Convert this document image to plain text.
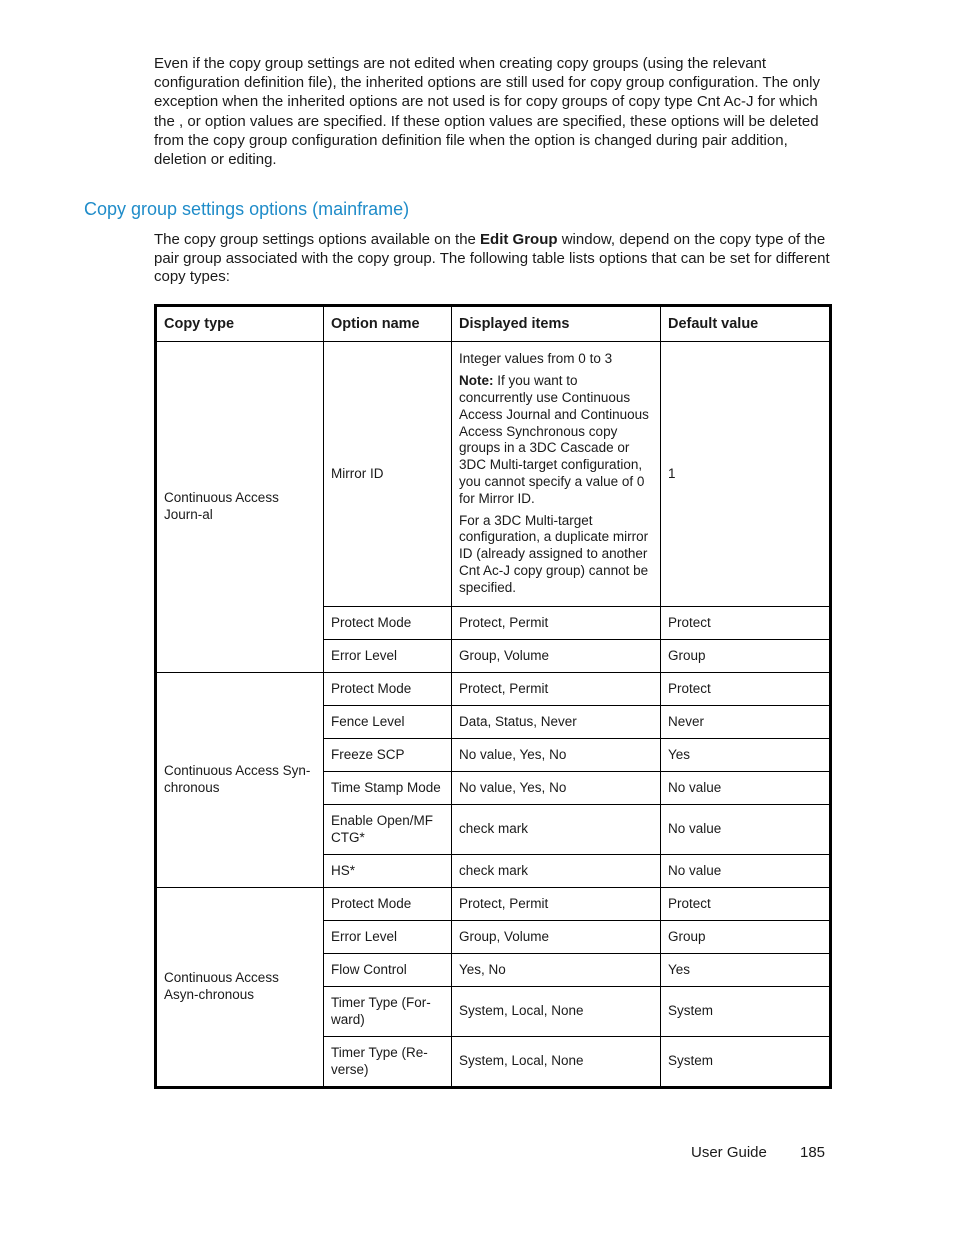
Even if the copy group settings are not edited when creating copy groups (using the relevant configuration definition file), the inherited options are still used for copy group configuration. The only exception when the inherited options are not used is for copy groups of copy type Cnt Ac-J for which the , or option values are specified. If these option values are specified, these options will be deleted from the copy group configuration definition file when the option is changed during pair addition, deletion or editing.

Copy group settings options (mainframe)

The copy group settings options available on the Edit Group window, depend on the copy type of the pair group associated with the copy group. The following table lists options that can be set for different copy types:

Copy type	Option name	Displayed items	Default value
Continuous Access Journ-al	Mirror ID	Integer values from 0 to 3

Note: If you want to concurrently use Continuous Access Journal and Continuous Access Synchronous copy groups in a 3DC Cascade or 3DC Multi-target configuration, you cannot specify a value of 0 for Mirror ID.

For a 3DC Multi-target configuration, a duplicate mirror ID (already assigned to another Cnt Ac-J copy group) cannot be specified.	1
	Protect Mode	Protect, Permit	Protect
	Error Level	Group, Volume	Group
Continuous Access Syn-chronous	Protect Mode	Protect, Permit	Protect
	Fence Level	Data, Status, Never	Never
	Freeze SCP	No value, Yes, No	Yes
	Time Stamp Mode	No value, Yes, No	No value
	Enable Open/MF CTG*	check mark	No value
	HS*	check mark	No value
Continuous Access Asyn-chronous	Protect Mode	Protect, Permit	Protect
	Error Level	Group, Volume	Group
	Flow Control	Yes, No	Yes
	Timer Type (For-ward)	System, Local, None	System
	Timer Type (Re-verse)	System, Local, None	System
User Guide 185
